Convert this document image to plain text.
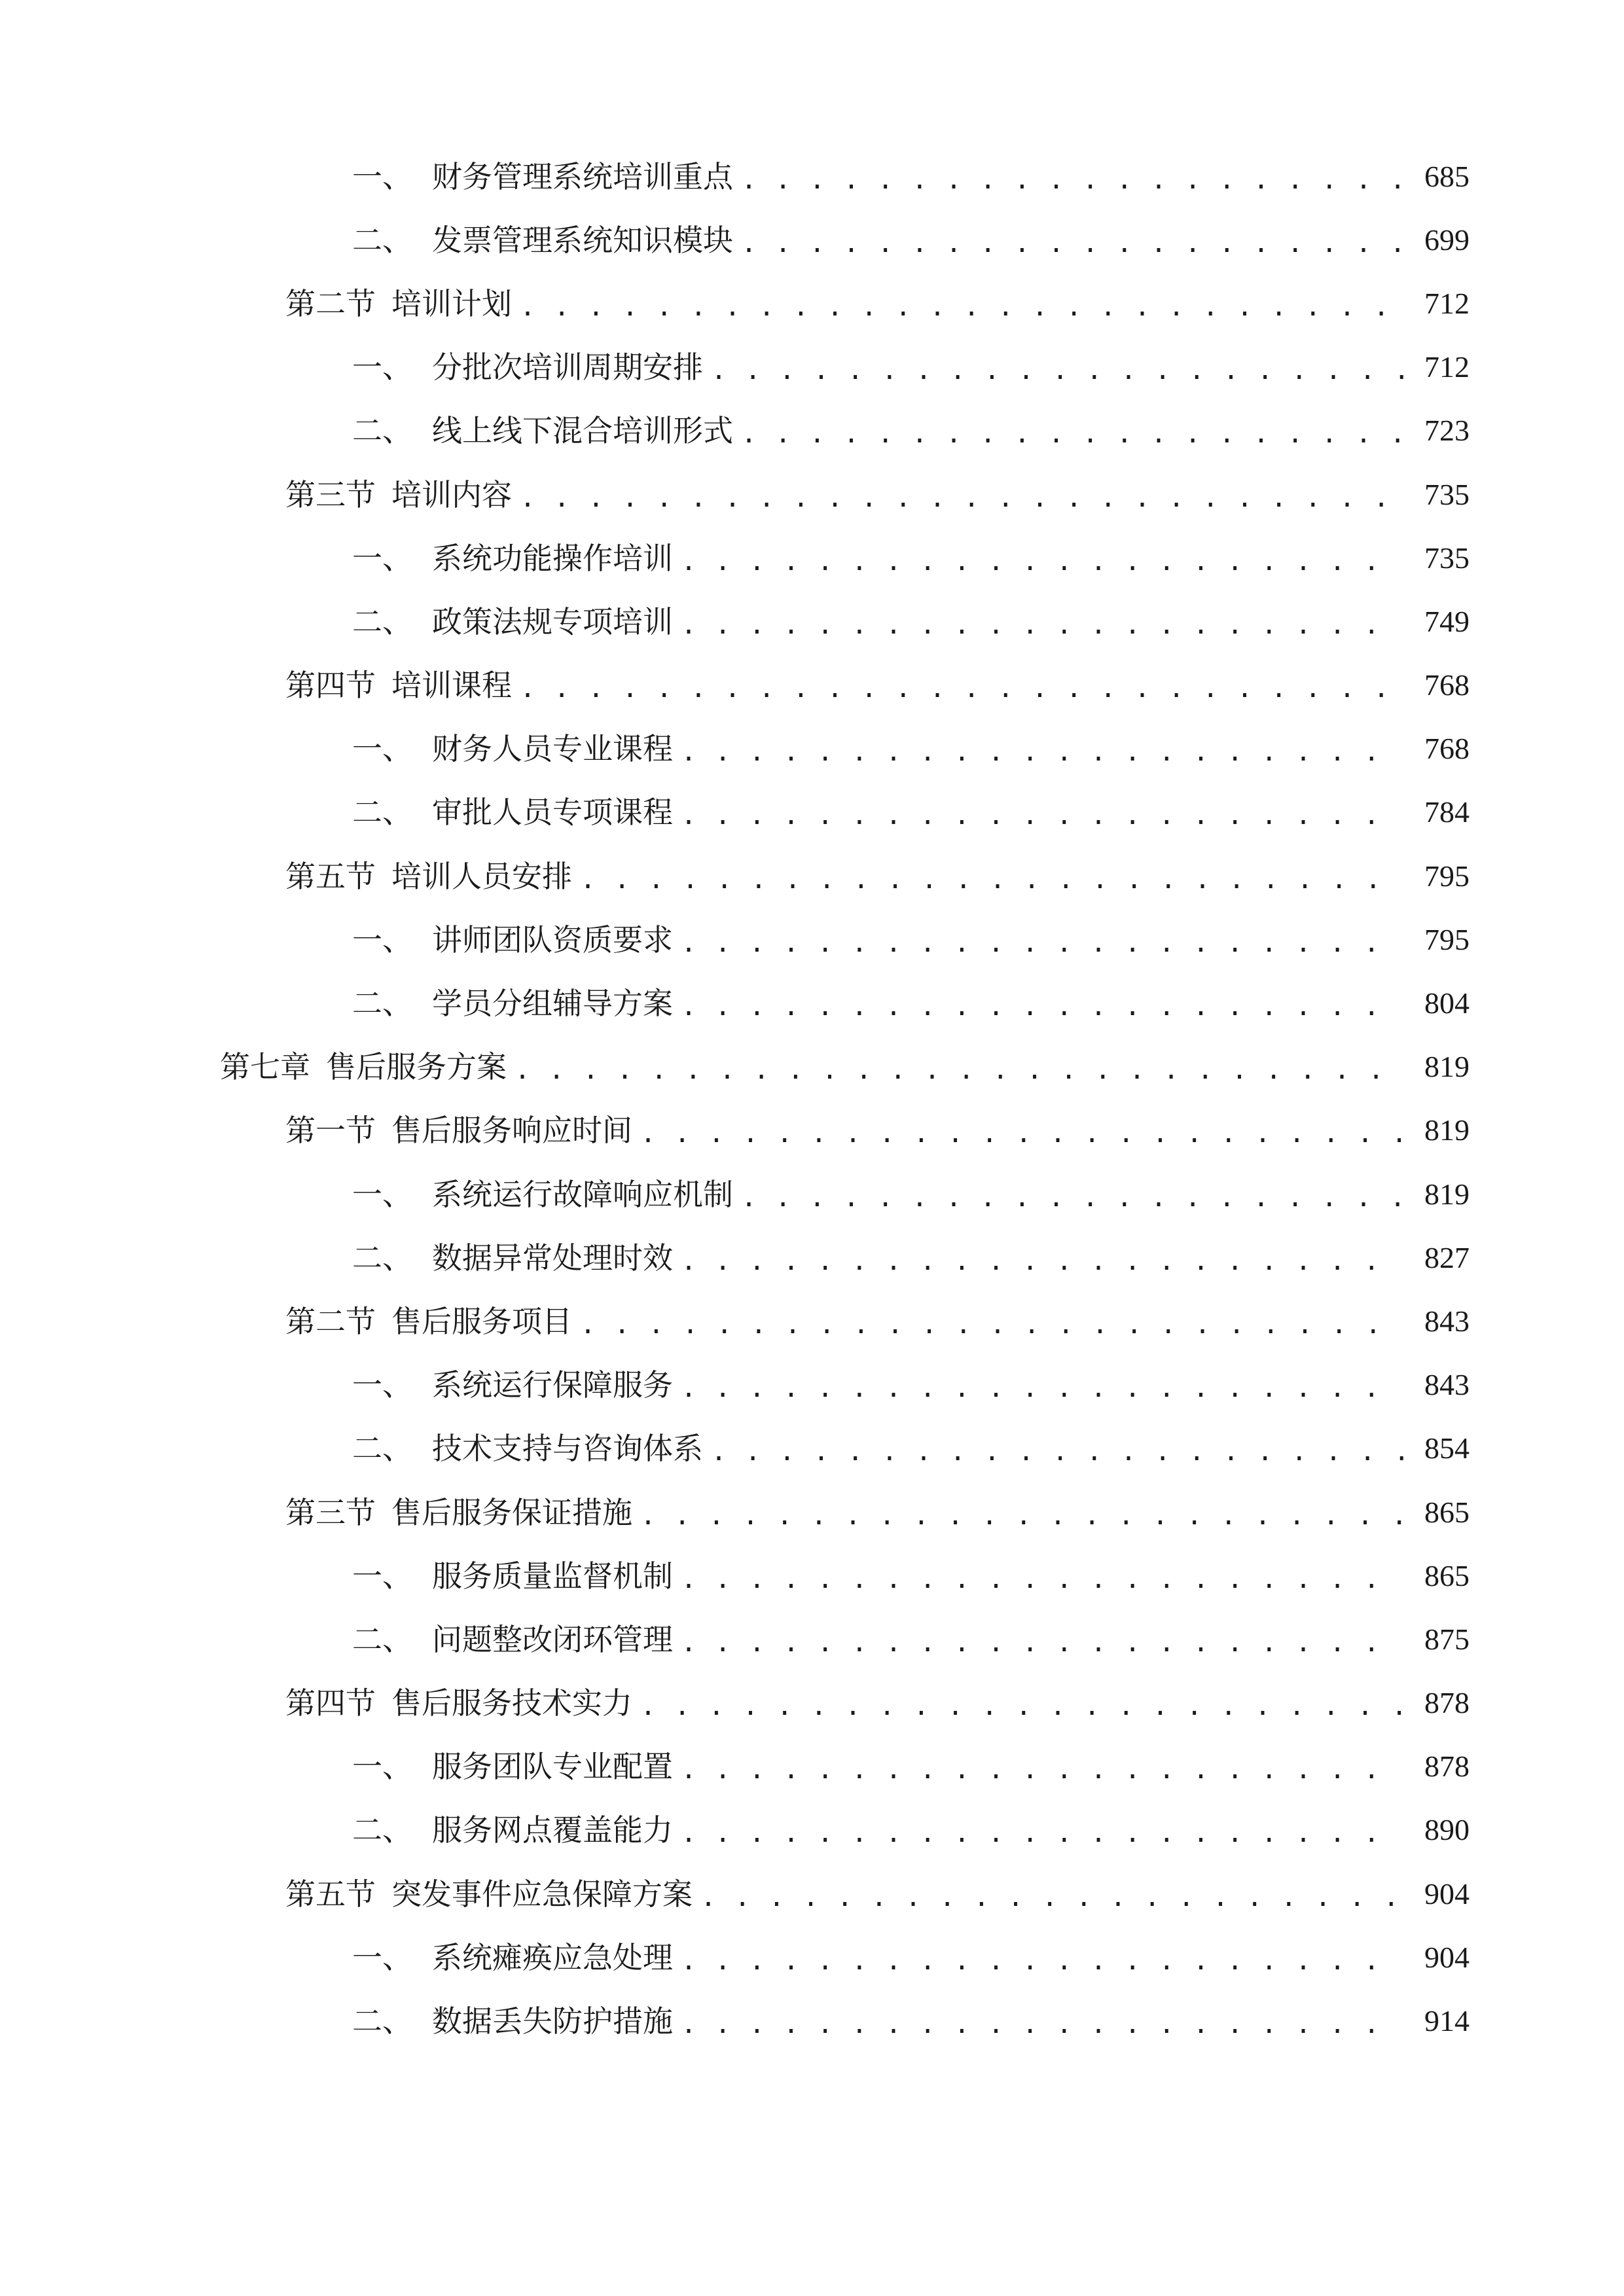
一、 财务管理系统培训重点 . . .	685
二、 发票管理系统知识模块 . . .	699
第二节 培训计划 . . .	712
一、 分批次培训周期安排 . . .	712
二、 线上线下混合培训形式 . . .	723
第三节 培训内容 . . .	735
一、 系统功能操作培训 . . .	735
二、 政策法规专项培训 . . .	749
第四节 培训课程 . . .	768
一、 财务人员专业课程 . . .	768
二、 审批人员专项课程 . . .	784
第五节 培训人员安排 . . .	795
一、 讲师团队资质要求 . . .	795
二、 学员分组辅导方案 . . .	804
第七章 售后服务方案 . . .	819
第一节 售后服务响应时间 . . .	819
一、 系统运行故障响应机制 . . .	819
二、 数据异常处理时效 . . .	827
第二节 售后服务项目 . . .	843
一、 系统运行保障服务 . . .	843
二、 技术支持与咨询体系 . . .	854
第三节 售后服务保证措施 . . .	865
一、 服务质量监督机制 . . .	865
二、 问题整改闭环管理 . . .	875
第四节 售后服务技术实力 . . .	878
一、 服务团队专业配置 . . .	878
二、 服务网点覆盖能力 . . .	890
第五节 突发事件应急保障方案 . . .	904
一、 系统瘫痪应急处理 . . .	904
二、 数据丢失防护措施 . . .	914
